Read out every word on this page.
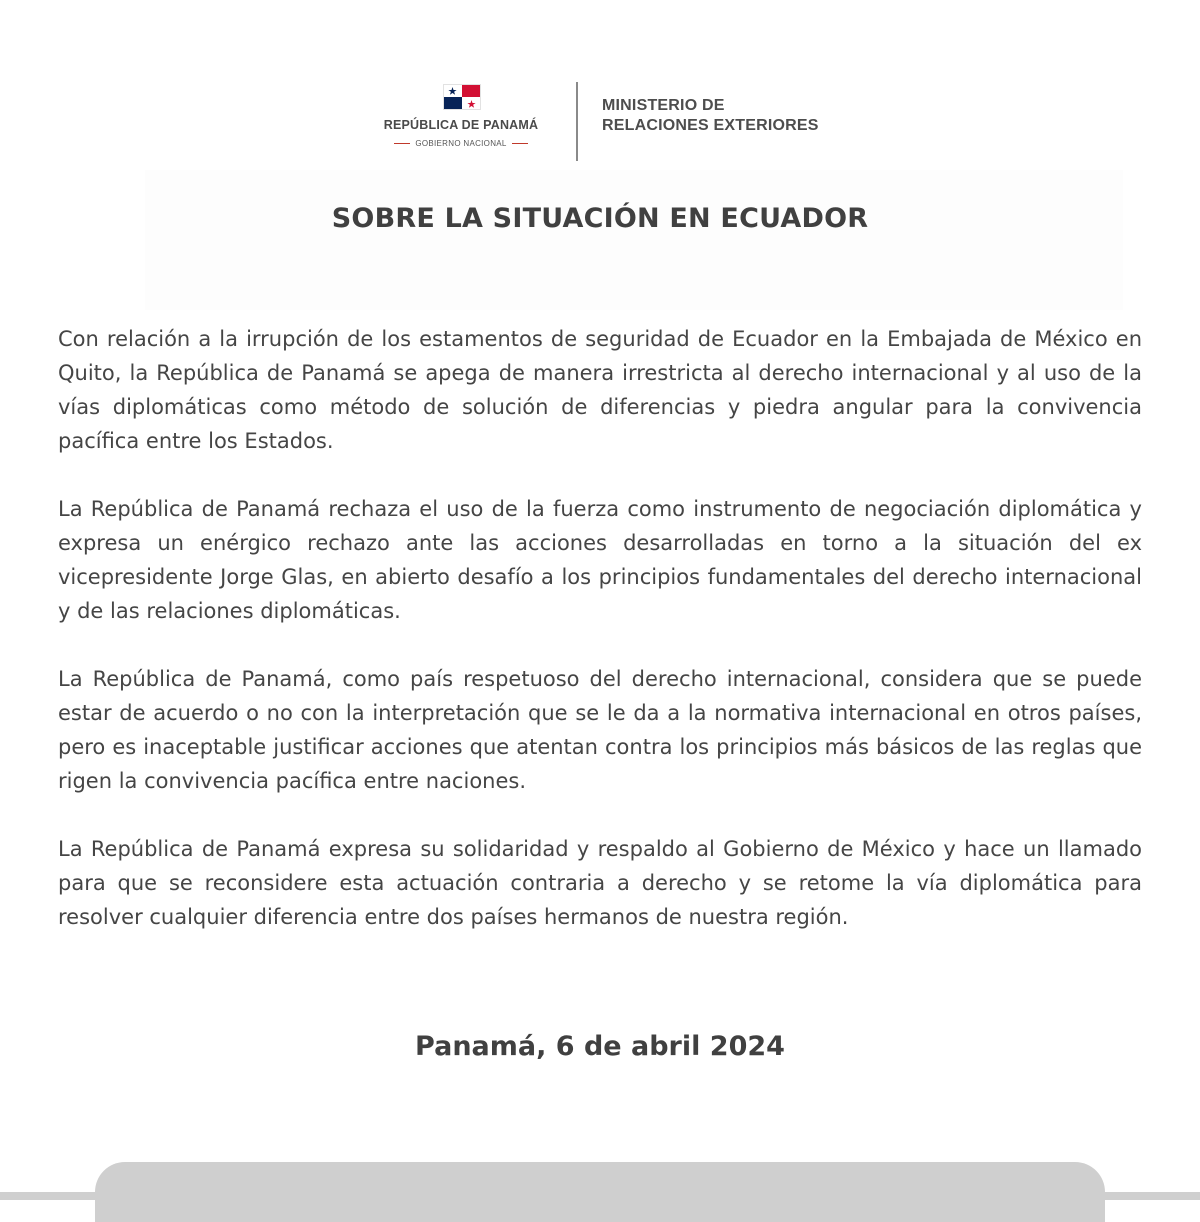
REPÚBLICA DE PANAMÁ
GOBIERNO NACIONAL
MINISTERIO DE
RELACIONES EXTERIORES
SOBRE LA SITUACIÓN EN ECUADOR

Con relación a la irrupción de los estamentos de seguridad de Ecuador en la Embajada de México en Quito, la República de Panamá se apega de manera irrestricta al derecho internacional y al uso de la vías diplomáticas como método de solución de diferencias y piedra angular para la convivencia pacífica entre los Estados.

La República de Panamá rechaza el uso de la fuerza como instrumento de negociación diplomática y expresa un enérgico rechazo ante las acciones desarrolladas en torno a la situación del ex vicepresidente Jorge Glas, en abierto desafío a los principios fundamentales del derecho internacional y de las relaciones diplomáticas.

La República de Panamá, como país respetuoso del derecho internacional, considera que se puede estar de acuerdo o no con la interpretación que se le da a la normativa internacional en otros países, pero es inaceptable justificar acciones que atentan contra los principios más básicos de las reglas que rigen la convivencia pacífica entre naciones.

La República de Panamá expresa su solidaridad y respaldo al Gobierno de México y hace un llamado para que se reconsidere esta actuación contraria a derecho y se retome la vía diplomática para resolver cualquier diferencia entre dos países hermanos de nuestra región.

Panamá, 6 de abril 2024
